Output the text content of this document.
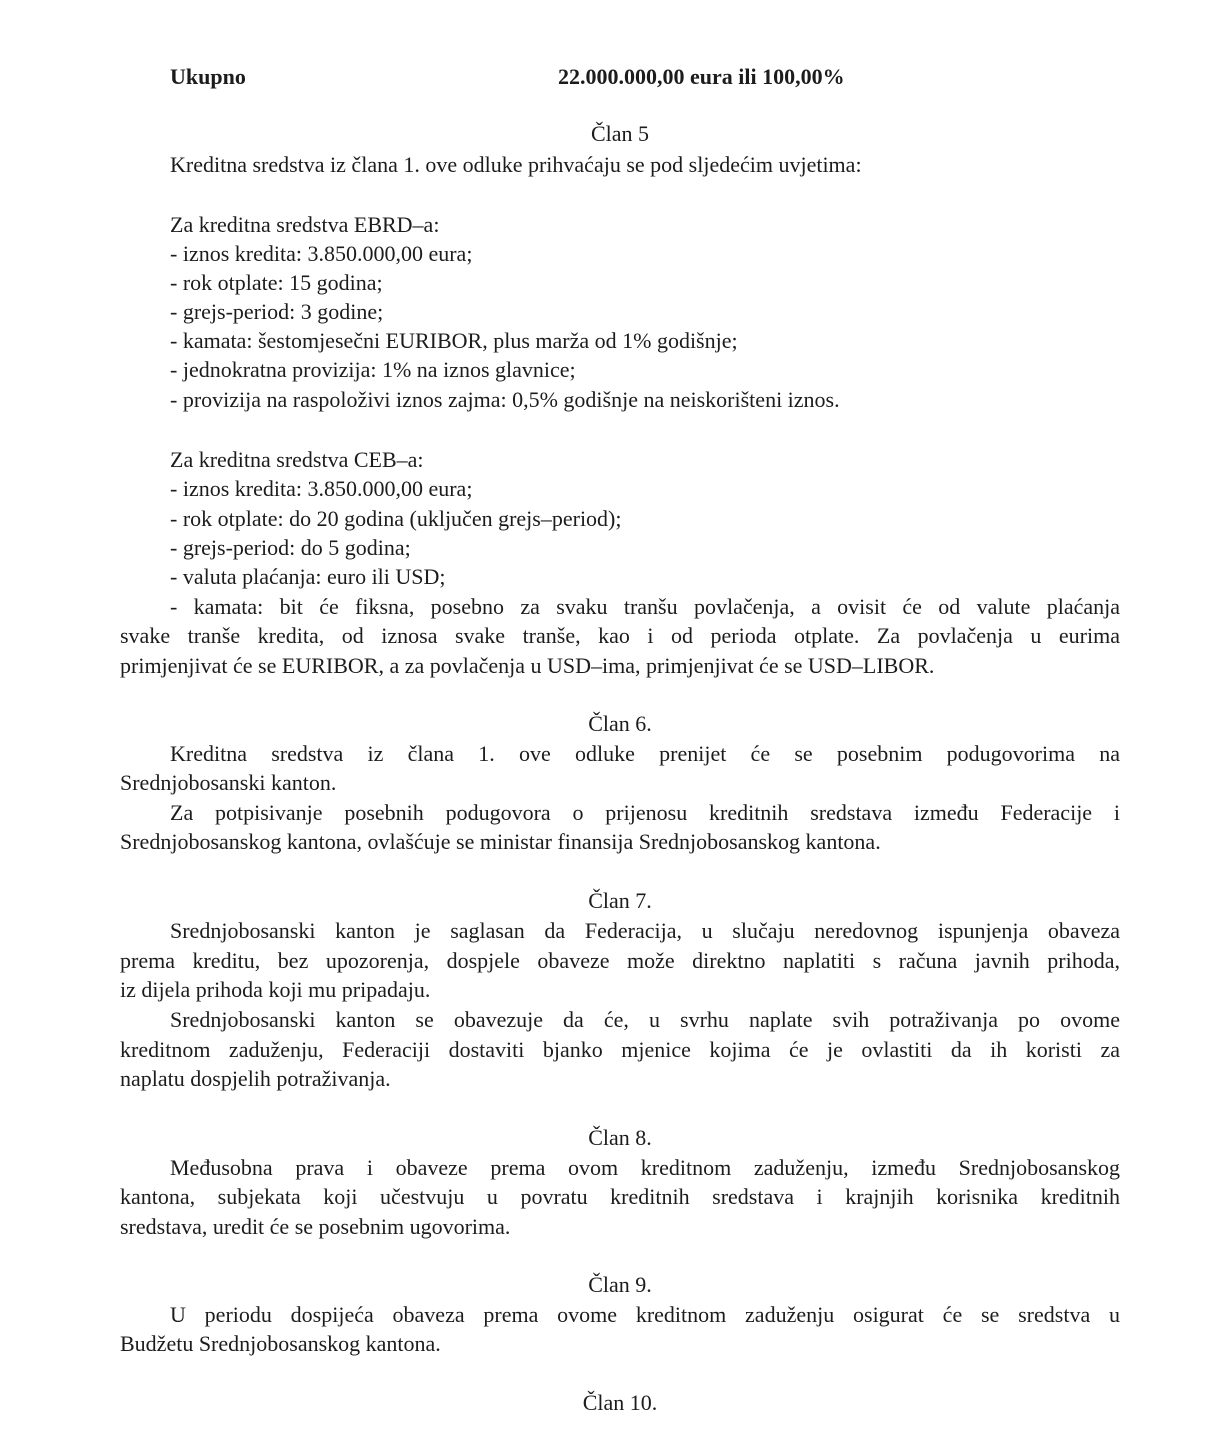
Ukupno	22.000.000,00 eura ili 100,00%
Član 5
Kreditna sredstva iz člana 1. ove odluke prihvaćaju se pod sljedećim uvjetima:
Za kreditna sredstva EBRD–a:
- iznos kredita: 3.850.000,00 eura;
- rok otplate: 15 godina;
- grejs-period: 3 godine;
- kamata: šestomjesečni EURIBOR, plus marža od 1% godišnje;
- jednokratna provizija: 1% na iznos glavnice;
- provizija na raspoloživi iznos zajma: 0,5% godišnje na neiskorišteni iznos.
Za kreditna sredstva CEB–a:
- iznos kredita: 3.850.000,00 eura;
- rok otplate: do 20 godina (uključen grejs–period);
- grejs-period: do 5 godina;
- valuta plaćanja: euro ili USD;
- kamata: bit će fiksna, posebno za svaku tranšu povlačenja, a ovisit će od valute plaćanja
svake tranše kredita, od iznosa svake tranše, kao i od perioda otplate. Za povlačenja u eurima
primjenjivat će se EURIBOR, a za povlačenja u USD–ima, primjenjivat će se USD–LIBOR.
Član 6.
Kreditna sredstva iz člana 1. ove odluke prenijet će se posebnim podugovorima na
Srednjobosanski kanton.
Za potpisivanje posebnih podugovora o prijenosu kreditnih sredstava između Federacije i
Srednjobosanskog kantona, ovlašćuje se ministar finansija Srednjobosanskog kantona.
Član 7.
Srednjobosanski kanton je saglasan da Federacija, u slučaju neredovnog ispunjenja obaveza
prema kreditu, bez upozorenja, dospjele obaveze može direktno naplatiti s računa javnih prihoda,
iz dijela prihoda koji mu pripadaju.
Srednjobosanski kanton se obavezuje da će, u svrhu naplate svih potraživanja po ovome
kreditnom zaduženju, Federaciji dostaviti bjanko mjenice kojima će je ovlastiti da ih koristi za
naplatu dospjelih potraživanja.
Član 8.
Međusobna prava i obaveze prema ovom kreditnom zaduženju, između Srednjobosanskog
kantona, subjekata koji učestvuju u povratu kreditnih sredstava i krajnjih korisnika kreditnih
sredstava, uredit će se posebnim ugovorima.
Član 9.
U periodu dospijeća obaveza prema ovome kreditnom zaduženju osigurat će se sredstva u
Budžetu Srednjobosanskog kantona.
Član 10.
